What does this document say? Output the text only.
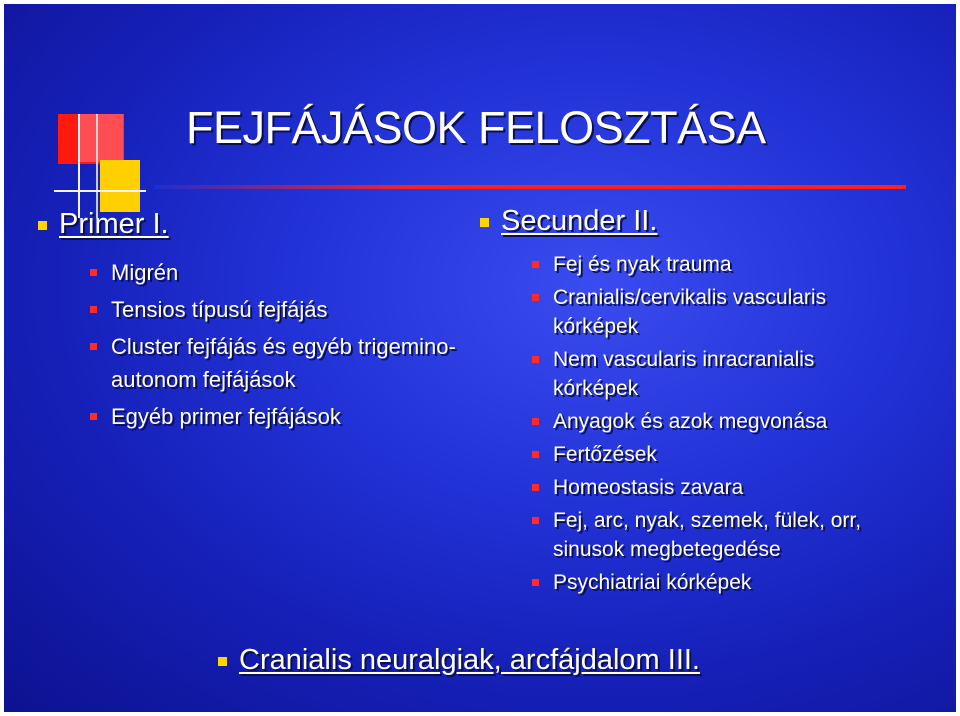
FEJFÁJÁSOK FELOSZTÁSA
Primer I.
Migrén
Tensios típusú fejfájás
Cluster fejfájás és egyéb trigemino-autonom fejfájások
Egyéb primer fejfájások
Secunder II.
Fej és nyak trauma
Cranialis/cervikalis vascularis kórképek
Nem vascularis inracranialis kórképek
Anyagok és azok megvonása
Fertőzések
Homeostasis zavara
Fej, arc, nyak, szemek, fülek, orr, sinusok megbetegedése
Psychiatriai kórképek
Cranialis neuralgiak, arcfájdalom III.
